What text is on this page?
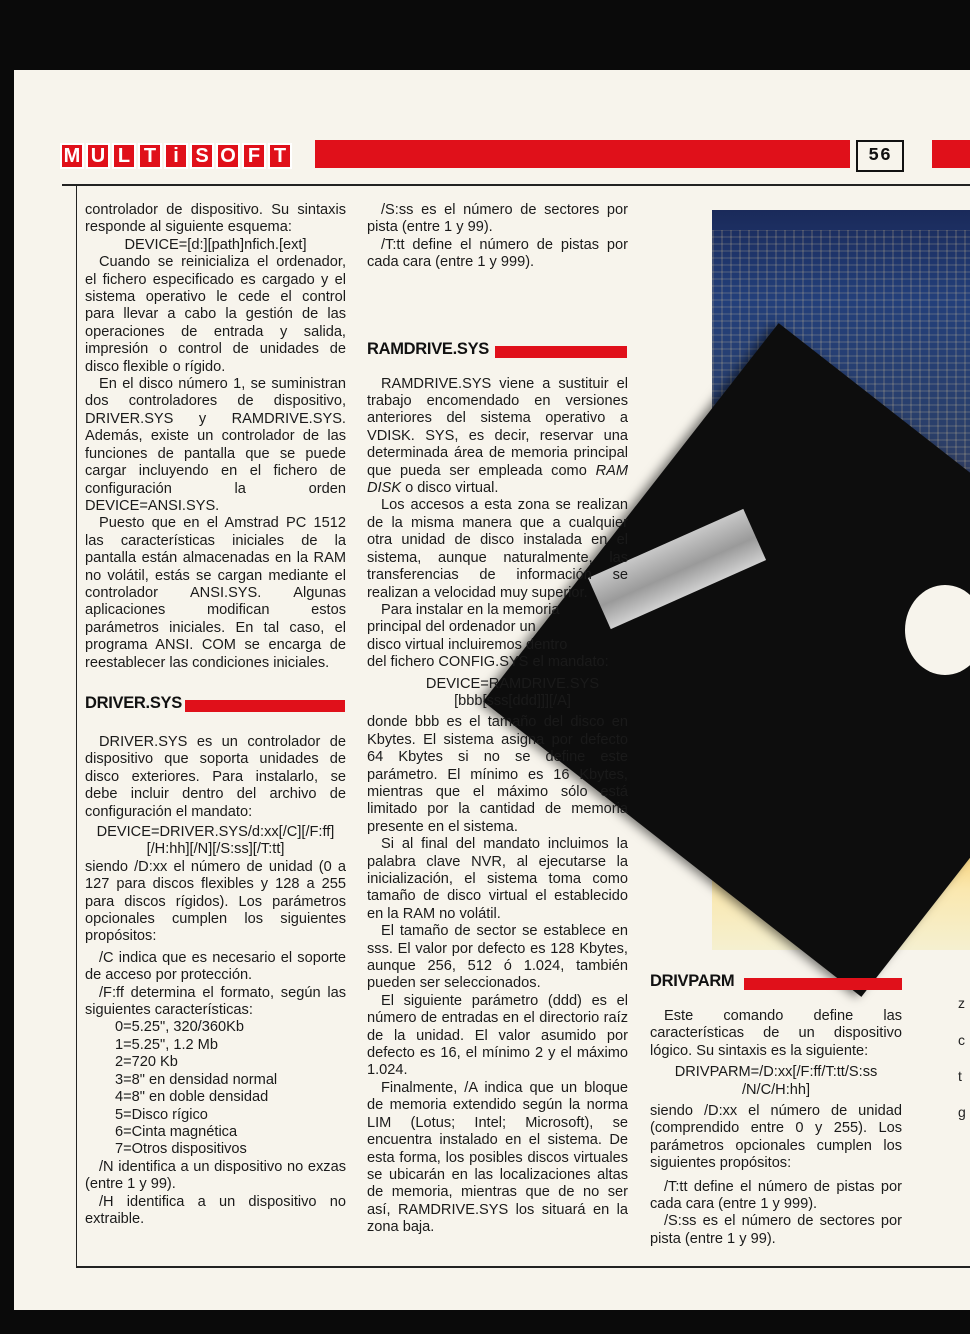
M U L T i S O F T	56

controlador de dispositivo. Su sintaxis responde al siguiente esquema:

DEVICE=[d:][path]nfich.[ext]

Cuando se reinicializa el ordenador, el fichero especificado es cargado y el sistema operativo le cede el control para llevar a cabo la gestión de las operaciones de entrada y salida, impresión o control de unidades de disco flexible o rígido.

En el disco número 1, se suministran dos controladores de dispositivo, DRIVER.SYS y RAMDRIVE.SYS. Además, existe un controlador de las funciones de pantalla que se puede cargar incluyendo en el fichero de configuración la orden DEVICE=ANSI.SYS.

Puesto que en el Amstrad PC 1512 las características iniciales de la pantalla están almacenadas en la RAM no volátil, estás se cargan mediante el controlador ANSI.SYS. Algunas aplicaciones modifican estos parámetros iniciales. En tal caso, el programa ANSI. COM se encarga de reestablecer las condiciones iniciales.

DRIVER.SYS

DRIVER.SYS es un controlador de dispositivo que soporta unidades de disco exteriores. Para instalarlo, se debe incluir dentro del archivo de configuración el mandato:

DEVICE=DRIVER.SYS/d:xx[/C][/F:ff]

[/H:hh][/N][/S:ss][/T:tt]

siendo /D:xx el número de unidad (0 a 127 para discos flexibles y 128 a 255 para discos rígidos). Los parámetros opcionales cumplen los siguientes propósitos:

/C indica que es necesario el soporte de acceso por protección.

/F:ff determina el formato, según las siguientes características:

0=5.25", 320/360Kb

1=5.25", 1.2 Mb

2=720 Kb

3=8" en densidad normal

4=8" en doble densidad

5=Disco rígico

6=Cinta magnética

7=Otros dispositivos

/N identifica a un dispositivo no exzas (entre 1 y 99).

/H identifica a un dispositivo no extraible.

/S:ss es el número de sectores por pista (entre 1 y 99).

/T:tt define el número de pistas por cada cara (entre 1 y 999).

RAMDRIVE.SYS

RAMDRIVE.SYS viene a sustituir el trabajo encomendado en versiones anteriores del sistema operativo a VDISK. SYS, es decir, reservar una determinada área de memoria principal que pueda ser empleada como RAM DISK o disco virtual.

Los accesos a esta zona se realizan de la misma manera que a cualquier otra unidad de disco instalada en el sistema, aunque naturalmente, las transferencias de información se realizan a velocidad muy superior.

Para instalar en la memoria

principal del ordenador un

disco virtual incluiremos dentro

del fichero CONFIG.SYS el mandato:

DEVICE=RAMDRIVE.SYS

[bbb[sss[ddd]]][/A]

donde bbb es el tamaño del disco en Kbytes. El sistema asigna por defecto 64 Kbytes si no se define este parámetro. El mínimo es 16 Kbytes, mientras que el máximo sólo está limitado por la cantidad de memoria presente en el sistema.

Si al final del mandato incluimos la palabra clave NVR, al ejecutarse la inicialización, el sistema toma como tamaño de disco virtual el establecido en la RAM no volátil.

El tamaño de sector se establece en sss. El valor por defecto es 128 Kbytes, aunque 256, 512 ó 1.024, también pueden ser seleccionados.

El siguiente parámetro (ddd) es el número de entradas en el directorio raíz de la unidad. El valor asumido por defecto es 16, el mínimo 2 y el máximo 1.024.

Finalmente, /A indica que un bloque de memoria extendido según la norma LIM (Lotus; Intel; Microsoft), se encuentra instalado en el sistema. De esta forma, los posibles discos virtuales se ubicarán en las localizaciones altas de memoria, mientras que de no ser así, RAMDRIVE.SYS los situará en la zona baja.

DRIVPARM

Este comando define las características de un dispositivo lógico. Su sintaxis es la siguiente:

DRIVPARM=/D:xx[/F:ff/T:tt/S:ss

/N/C/H:hh]

siendo /D:xx el número de unidad (comprendido entre 0 y 255). Los parámetros opcionales cumplen los siguientes propósitos:

/T:tt define el número de pistas por cada cara (entre 1 y 999).

/S:ss es el número de sectores por pista (entre 1 y 99).

z
c
t
g
